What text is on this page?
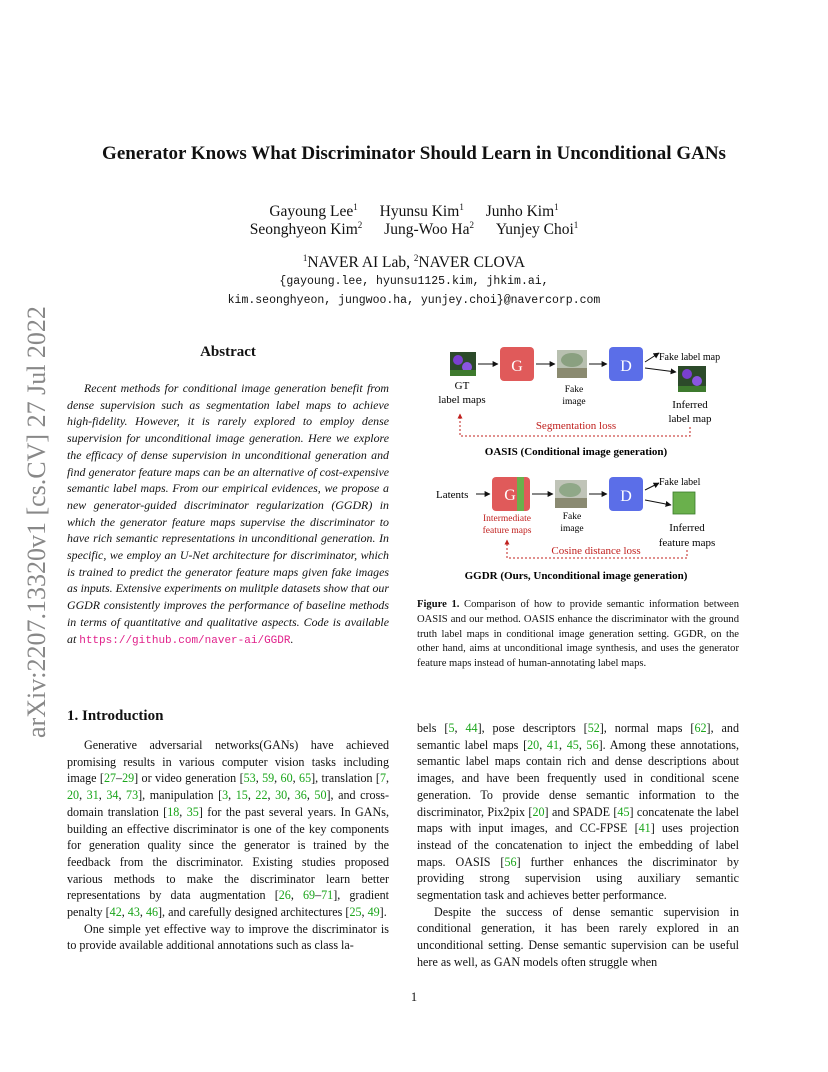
arXiv:2207.13320v1 [cs.CV] 27 Jul 2022
Generator Knows What Discriminator Should Learn in Unconditional GANs
Gayoung Lee$^1$ Hyunsu Kim$^1$ Junho Kim$^1$
Seonghyeon Kim$^2$ Jung-Woo Ha$^2$ Yunjey Choi$^1$
$^1$NAVER AI Lab, $^2$NAVER CLOVA
{gayoung.lee, hyunsu1125.kim, jhkim.ai,
kim.seonghyeon, jungwoo.ha, yunjey.choi}@navercorp.com
Abstract
Recent methods for conditional image generation benefit from dense supervision such as segmentation label maps to achieve high-fidelity. However, it is rarely explored to employ dense supervision for unconditional image generation. Here we explore the efficacy of dense supervision in unconditional generation and find generator feature maps can be an alternative of cost-expensive semantic label maps. From our empirical evidences, we propose a new generator-guided discriminator regularization (GGDR) in which the generator feature maps supervise the discriminator to have rich semantic representations in unconditional generation. In specific, we employ an U-Net architecture for discriminator, which is trained to predict the generator feature maps given fake images as inputs. Extensive experiments on mulitple datasets show that our GGDR consistently improves the performance of baseline methods in terms of quantitative and qualitative aspects. Code is available at https://github.com/naver-ai/GGDR.
G	D
Fake label map
GT
label maps
Fake
image	Inferred
label map
Segmentation loss
OASIS (Conditional image generation)
Latents G	D
Fake label
Intermediate
feature maps
Fake
image	Inferred
feature maps
Cosine distance loss
GGDR (Ours, Unconditional image generation)
Figure 1. Comparison of how to provide semantic information between OASIS and our method. OASIS enhance the discriminator with the ground truth label maps in conditional image generation setting. GGDR, on the other hand, aims at unconditional image synthesis, and uses the generator feature maps instead of human-annotating label maps.
1. Introduction

Generative adversarial networks(GANs) have achieved promising results in various computer vision tasks including image [27–29] or video generation [53, 59, 60, 65], translation [7, 20, 31, 34, 73], manipulation [3, 15, 22, 30, 36, 50], and cross-domain translation [18, 35] for the past several years. In GANs, building an effective discriminator is one of the key components for generation quality since the generator is trained by the feedback from the discriminator. Existing studies proposed various methods to make the discriminator learn better representations by data augmentation [26, 69–71], gradient penalty [42, 43, 46], and carefully designed architectures [25, 49].

One simple yet effective way to improve the discriminator is to provide available additional annotations such as class la-

bels [5, 44], pose descriptors [52], normal maps [62], and semantic label maps [20, 41, 45, 56]. Among these annotations, semantic label maps contain rich and dense descriptions about images, and have been frequently used in conditional scene generation. To provide dense semantic information to the discriminator, Pix2pix [20] and SPADE [45] concatenate the label maps with input images, and CC-FPSE [41] uses projection instead of the concatenation to inject the embedding of label maps. OASIS [56] further enhances the discriminator by providing strong supervision using auxiliary semantic segmentation task and achieves better performance.

Despite the success of dense semantic supervision in conditional generation, it has been rarely explored in an unconditional setting. Dense semantic supervision can be useful here as well, as GAN models often struggle when

1
